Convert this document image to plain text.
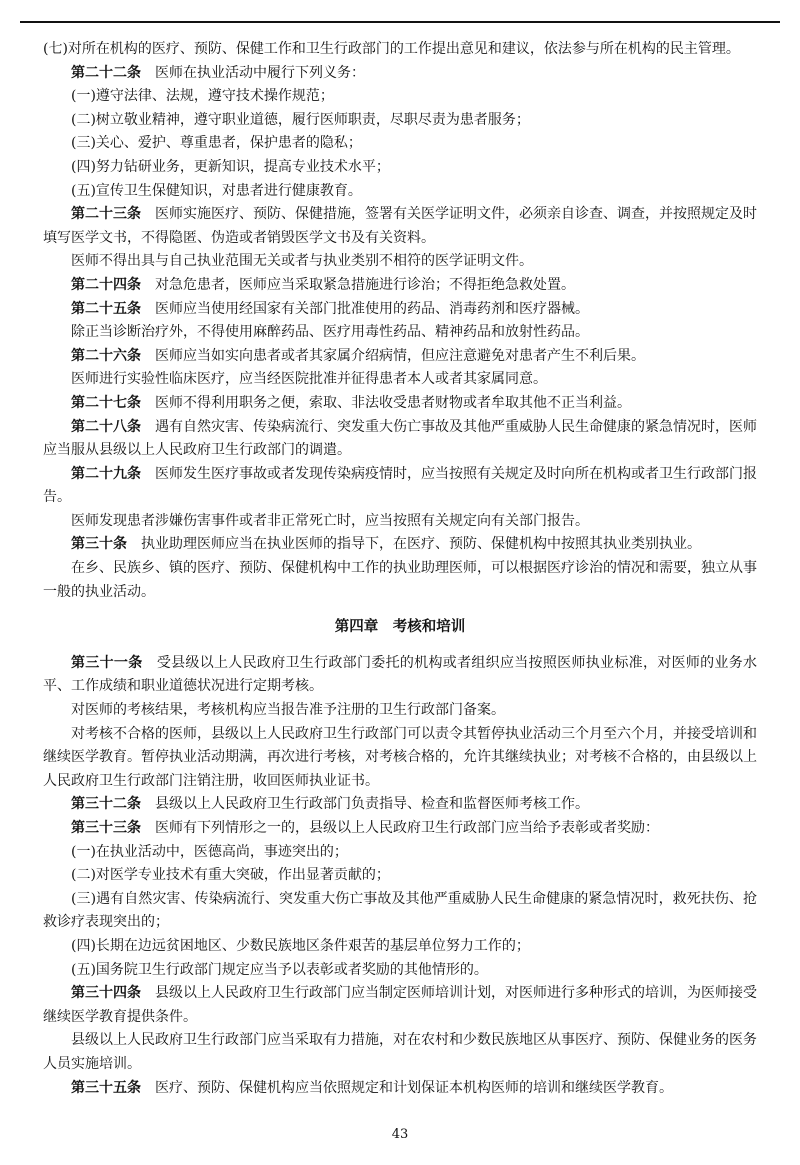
(七)对所在机构的医疗、预防、保健工作和卫生行政部门的工作提出意见和建议，依法参与所在机构的民主管理。

第二十二条　 医师在执业活动中履行下列义务：

(一)遵守法律、法规，遵守技术操作规范；

(二)树立敬业精神，遵守职业道德，履行医师职责，尽职尽责为患者服务；

(三)关心、爱护、尊重患者，保护患者的隐私；

(四)努力钻研业务，更新知识，提高专业技术水平；

(五)宣传卫生保健知识，对患者进行健康教育。

第二十三条　 医师实施医疗、预防、保健措施，签署有关医学证明文件，必须亲自诊查、调查，并按照规定及时填写医学文书，不得隐匿、伪造或者销毁医学文书及有关资料。

医师不得出具与自己执业范围无关或者与执业类别不相符的医学证明文件。

第二十四条　 对急危患者，医师应当采取紧急措施进行诊治；不得拒绝急救处置。

第二十五条　 医师应当使用经国家有关部门批准使用的药品、消毒药剂和医疗器械。

除正当诊断治疗外，不得使用麻醉药品、医疗用毒性药品、精神药品和放射性药品。

第二十六条　 医师应当如实向患者或者其家属介绍病情，但应注意避免对患者产生不利后果。

医师进行实验性临床医疗，应当经医院批准并征得患者本人或者其家属同意。

第二十七条　 医师不得利用职务之便，索取、非法收受患者财物或者牟取其他不正当利益。

第二十八条　 遇有自然灾害、传染病流行、突发重大伤亡事故及其他严重威胁人民生命健康的紧急情况时，医师应当服从县级以上人民政府卫生行政部门的调遣。

第二十九条　 医师发生医疗事故或者发现传染病疫情时，应当按照有关规定及时向所在机构或者卫生行政部门报告。

医师发现患者涉嫌伤害事件或者非正常死亡时，应当按照有关规定向有关部门报告。

第三十条　 执业助理医师应当在执业医师的指导下，在医疗、预防、保健机构中按照其执业类别执业。

在乡、民族乡、镇的医疗、预防、保健机构中工作的执业助理医师，可以根据医疗诊治的情况和需要，独立从事一般的执业活动。

第四章　考核和培训

第三十一条　 受县级以上人民政府卫生行政部门委托的机构或者组织应当按照医师执业标准，对医师的业务水平、工作成绩和职业道德状况进行定期考核。

对医师的考核结果，考核机构应当报告准予注册的卫生行政部门备案。

对考核不合格的医师，县级以上人民政府卫生行政部门可以责令其暂停执业活动三个月至六个月，并接受培训和继续医学教育。暂停执业活动期满，再次进行考核，对考核合格的，允许其继续执业；对考核不合格的，由县级以上人民政府卫生行政部门注销注册，收回医师执业证书。

第三十二条　 县级以上人民政府卫生行政部门负责指导、检查和监督医师考核工作。

第三十三条　 医师有下列情形之一的，县级以上人民政府卫生行政部门应当给予表彰或者奖励：

(一)在执业活动中，医德高尚，事迹突出的；

(二)对医学专业技术有重大突破，作出显著贡献的；

(三)遇有自然灾害、传染病流行、突发重大伤亡事故及其他严重威胁人民生命健康的紧急情况时，救死扶伤、抢救诊疗表现突出的；

(四)长期在边远贫困地区、少数民族地区条件艰苦的基层单位努力工作的；

(五)国务院卫生行政部门规定应当予以表彰或者奖励的其他情形的。

第三十四条　 县级以上人民政府卫生行政部门应当制定医师培训计划，对医师进行多种形式的培训，为医师接受继续医学教育提供条件。

县级以上人民政府卫生行政部门应当采取有力措施，对在农村和少数民族地区从事医疗、预防、保健业务的医务人员实施培训。

第三十五条　 医疗、预防、保健机构应当依照规定和计划保证本机构医师的培训和继续医学教育。

43
